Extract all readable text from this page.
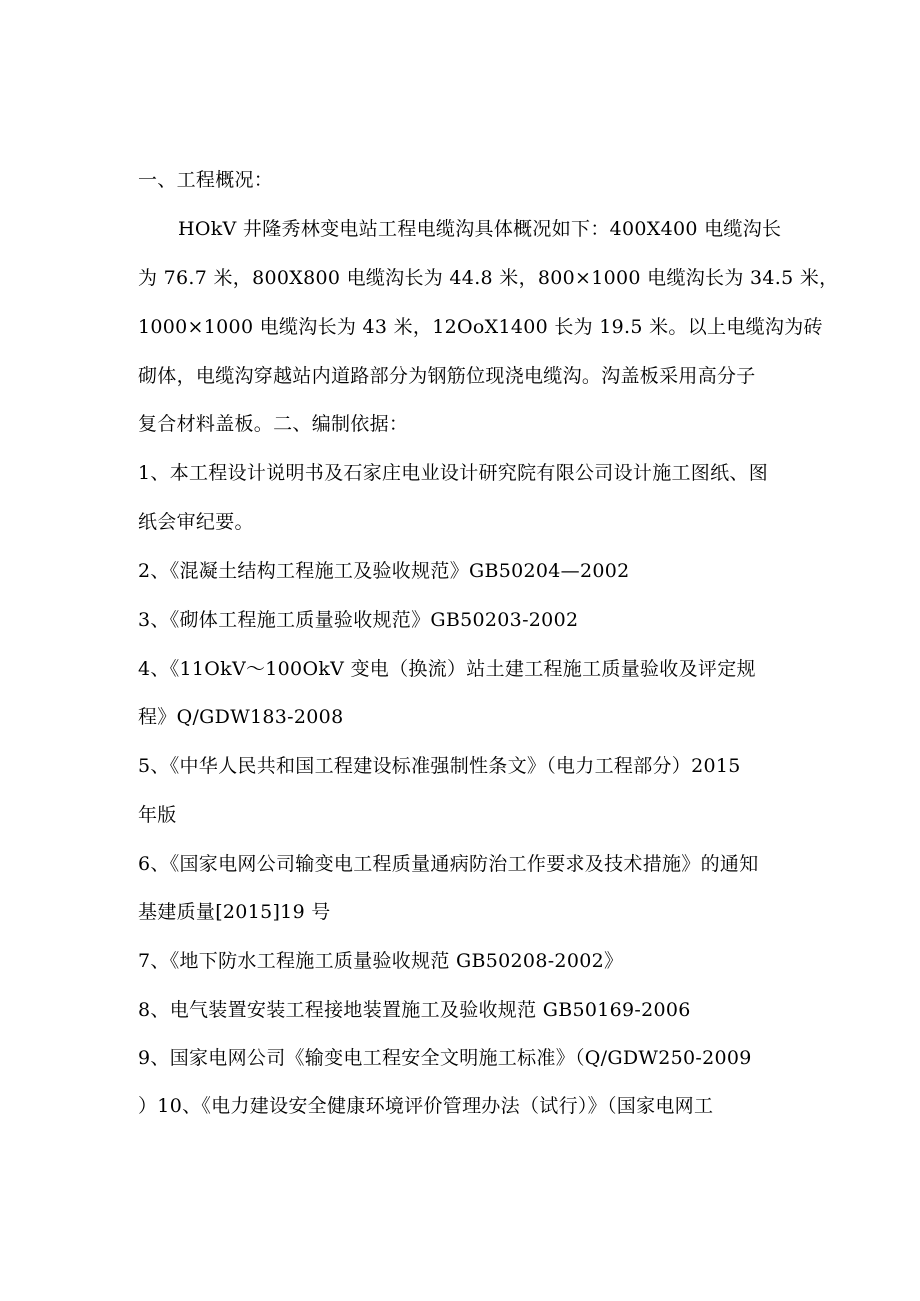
一、工程概况：
HOkV 井隆秀林变电站工程电缆沟具体概况如下：400X400 电缆沟长
为 76.7 米，800X800 电缆沟长为 44.8 米，800×1000 电缆沟长为 34.5 米，
1000×1000 电缆沟长为 43 米，12OoX1400 长为 19.5 米。以上电缆沟为砖
砌体，电缆沟穿越站内道路部分为钢筋位现浇电缆沟。沟盖板采用高分子
复合材料盖板。二、编制依据：
1、本工程设计说明书及石家庄电业设计研究院有限公司设计施工图纸、图
纸会审纪要。
2、《混凝土结构工程施工及验收规范》GB50204—2002
3、《砌体工程施工质量验收规范》GB50203-2002
4、《11OkV～100OkV 变电（换流）站土建工程施工质量验收及评定规
程》Q/GDW183-2008
5、《中华人民共和国工程建设标准强制性条文》（电力工程部分）2015
年版
6、《国家电网公司输变电工程质量通病防治工作要求及技术措施》的通知
基建质量[2015]19 号
7、《地下防水工程施工质量验收规范 GB50208-2002》
8、电气装置安装工程接地装置施工及验收规范 GB50169-2006
9、国家电网公司《输变电工程安全文明施工标准》（Q/GDW250-2009
）10、《电力建设安全健康环境评价管理办法（试行）》（国家电网工
